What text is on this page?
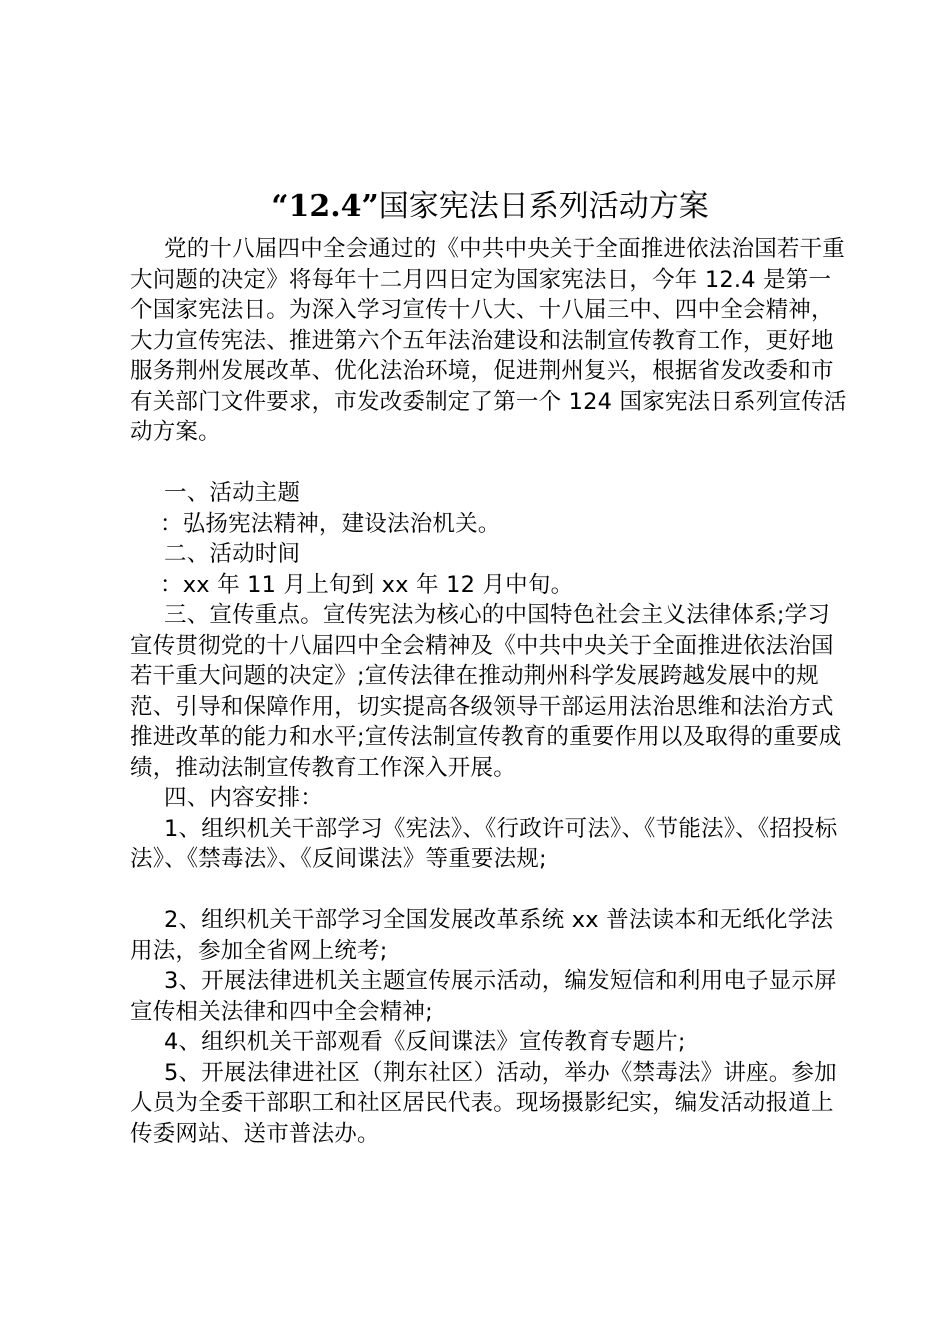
“12.4”国家宪法日系列活动方案

党的十八届四中全会通过的《中共中央关于全面推进依法治国若干重大问题的决定》将每年十二月四日定为国家宪法日，今年 12.4 是第一个国家宪法日。为深入学习宣传十八大、十八届三中、四中全会精神，大力宣传宪法、推进第六个五年法治建设和法制宣传教育工作，更好地服务荆州发展改革、优化法治环境，促进荆州复兴，根据省发改委和市有关部门文件要求，市发改委制定了第一个 124 国家宪法日系列宣传活动方案。

一、活动主题

：弘扬宪法精神，建设法治机关。

二、活动时间

：xx 年 11 月上旬到 xx 年 12 月中旬。

三、宣传重点。宣传宪法为核心的中国特色社会主义法律体系;学习宣传贯彻党的十八届四中全会精神及《中共中央关于全面推进依法治国若干重大问题的决定》;宣传法律在推动荆州科学发展跨越发展中的规范、引导和保障作用，切实提高各级领导干部运用法治思维和法治方式推进改革的能力和水平;宣传法制宣传教育的重要作用以及取得的重要成绩，推动法制宣传教育工作深入开展。

四、内容安排：

1、组织机关干部学习《宪法》、《行政许可法》、《节能法》、《招投标法》、《禁毒法》、《反间谍法》等重要法规;

2、组织机关干部学习全国发展改革系统 xx 普法读本和无纸化学法用法，参加全省网上统考;

3、开展法律进机关主题宣传展示活动，编发短信和利用电子显示屏宣传相关法律和四中全会精神;

4、组织机关干部观看《反间谍法》宣传教育专题片;

5、开展法律进社区（荆东社区）活动，举办《禁毒法》讲座。参加人员为全委干部职工和社区居民代表。现场摄影纪实，编发活动报道上传委网站、送市普法办。
